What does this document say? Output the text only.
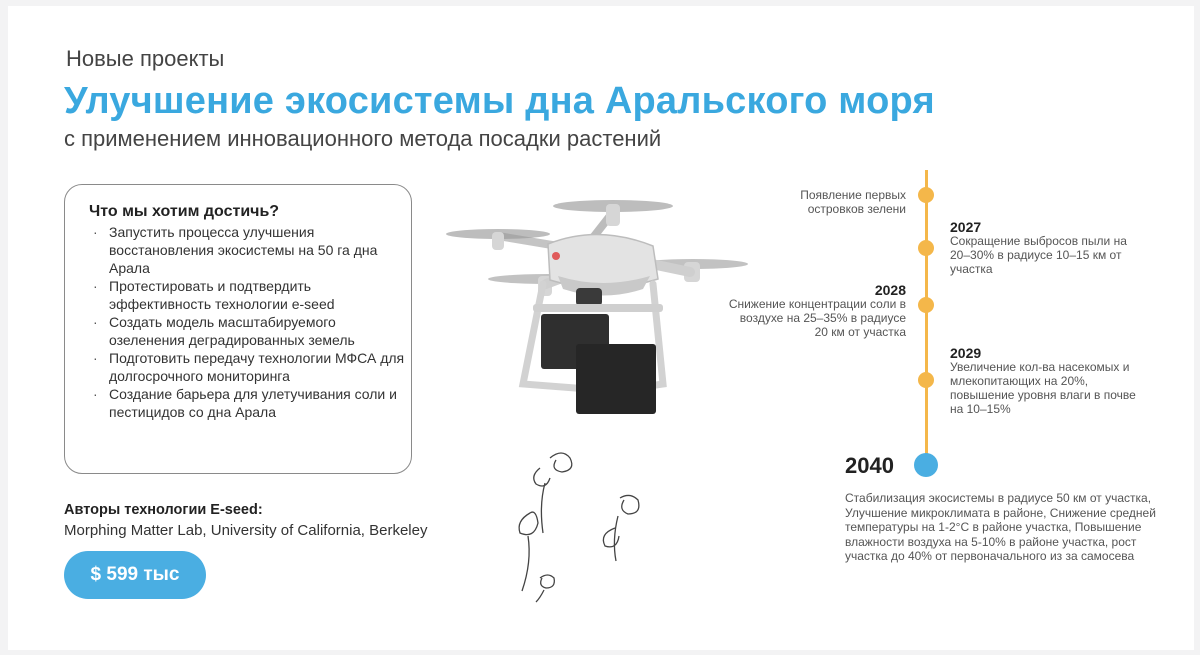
Новые проекты
Улучшение экосистемы дна Аральского моря
с применением инновационного метода посадки растений
Что мы хотим достичь?
· Запустить процесса улучшения восстановления экосистемы на 50 га дна Арала
· Протестировать и подтвердить эффективность технологии e-seed
· Создать модель масштабируемого озеленения деградированных земель
· Подготовить передачу технологии МФСА для долгосрочного мониторинга
· Создание барьера для улетучивания соли и пестицидов со дна Арала
Авторы технологии E-seed:
Morphing Matter Lab, University of California, Berkeley
$ 599 тыс
Появление первых островков зелени
2027
Сокращение выбросов пыли на 20–30% в радиусе 10–15 км от участка
2028
Снижение концентрации соли в воздухе на 25–35% в радиусе 20 км от участка
2029
Увеличение кол-ва насекомых и млекопитающих на 20%, повышение уровня влаги в почве на 10–15%
2040
Стабилизация экосистемы в радиусе 50 км от участка, Улучшение микроклимата в районе, Снижение средней температуры на 1-2°С в районе участка, Повышение влажности воздуха на 5-10% в районе участка, рост участка до 40% от первоначального из за самосева
